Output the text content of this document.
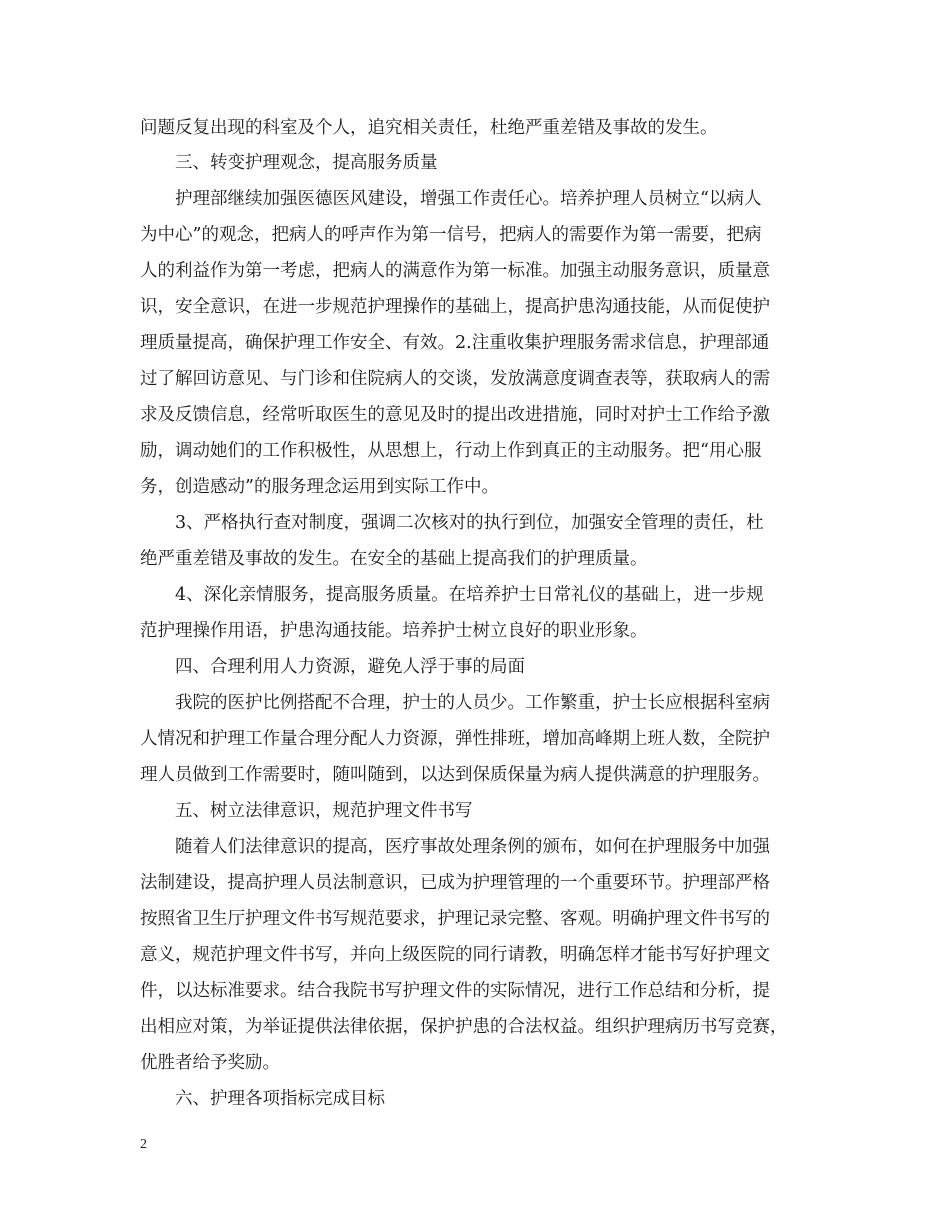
问题反复出现的科室及个人，追究相关责任，杜绝严重差错及事故的发生。
三、转变护理观念，提高服务质量
护理部继续加强医德医风建设，增强工作责任心。培养护理人员树立“以病人
为中心”的观念，把病人的呼声作为第一信号，把病人的需要作为第一需要，把病
人的利益作为第一考虑，把病人的满意作为第一标准。加强主动服务意识，质量意
识，安全意识，在进一步规范护理操作的基础上，提高护患沟通技能，从而促使护
理质量提高，确保护理工作安全、有效。2.注重收集护理服务需求信息，护理部通
过了解回访意见、与门诊和住院病人的交谈，发放满意度调查表等，获取病人的需
求及反馈信息，经常听取医生的意见及时的提出改进措施，同时对护士工作给予激
励，调动她们的工作积极性，从思想上，行动上作到真正的主动服务。把“用心服
务，创造感动”的服务理念运用到实际工作中。
3、严格执行查对制度，强调二次核对的执行到位，加强安全管理的责任，杜
绝严重差错及事故的发生。在安全的基础上提高我们的护理质量。
4、深化亲情服务，提高服务质量。在培养护士日常礼仪的基础上，进一步规
范护理操作用语，护患沟通技能。培养护士树立良好的职业形象。
四、合理利用人力资源，避免人浮于事的局面
我院的医护比例搭配不合理，护士的人员少。工作繁重，护士长应根据科室病
人情况和护理工作量合理分配人力资源，弹性排班，增加高峰期上班人数，全院护
理人员做到工作需要时，随叫随到，以达到保质保量为病人提供满意的护理服务。
五、树立法律意识，规范护理文件书写
随着人们法律意识的提高，医疗事故处理条例的颁布，如何在护理服务中加强
法制建设，提高护理人员法制意识，已成为护理管理的一个重要环节。护理部严格
按照省卫生厅护理文件书写规范要求，护理记录完整、客观。明确护理文件书写的
意义，规范护理文件书写，并向上级医院的同行请教，明确怎样才能书写好护理文
件，以达标准要求。结合我院书写护理文件的实际情况，进行工作总结和分析，提
出相应对策，为举证提供法律依据，保护护患的合法权益。组织护理病历书写竞赛，
优胜者给予奖励。
六、护理各项指标完成目标
2
